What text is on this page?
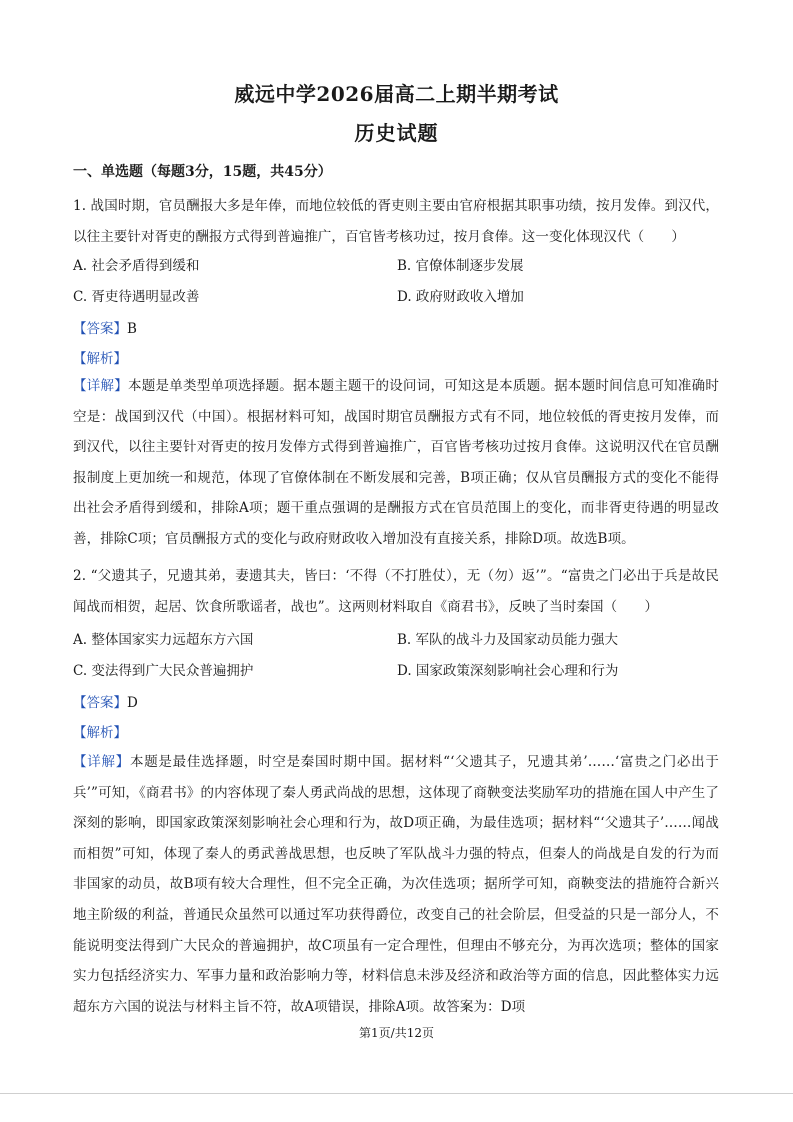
威远中学2026届高二上期半期考试
历史试题
一、单选题（每题3分，15题，共45分）
1. 战国时期，官员酬报大多是年俸，而地位较低的胥吏则主要由官府根据其职事功绩，按月发俸。到汉代，以往主要针对胥吏的酬报方式得到普遍推广，百官皆考核功过，按月食俸。这一变化体现汉代（　　）
A. 社会矛盾得到缓和	B. 官僚体制逐步发展
C. 胥吏待遇明显改善	D. 政府财政收入增加
【答案】B
【解析】
【详解】本题是单类型单项选择题。据本题主题干的设问词，可知这是本质题。据本题时间信息可知准确时空是：战国到汉代（中国）。根据材料可知，战国时期官员酬报方式有不同，地位较低的胥吏按月发俸，而到汉代，以往主要针对胥吏的按月发俸方式得到普遍推广，百官皆考核功过按月食俸。这说明汉代在官员酬报制度上更加统一和规范，体现了官僚体制在不断发展和完善，B项正确；仅从官员酬报方式的变化不能得出社会矛盾得到缓和，排除A项；题干重点强调的是酬报方式在官员范围上的变化，而非胥吏待遇的明显改善，排除C项；官员酬报方式的变化与政府财政收入增加没有直接关系，排除D项。故选B项。
2. “父遗其子，兄遗其弟，妻遗其夫，皆曰：‘不得（不打胜仗），无（勿）返’”。“富贵之门必出于兵是故民闻战而相贺，起居、饮食所歌谣者，战也”。这两则材料取自《商君书》，反映了当时秦国（　　）
A. 整体国家实力远超东方六国	B. 军队的战斗力及国家动员能力强大
C. 变法得到广大民众普遍拥护	D. 国家政策深刻影响社会心理和行为
【答案】D
【解析】
【详解】本题是最佳选择题，时空是秦国时期中国。据材料“‘父遗其子，兄遗其弟’……‘富贵之门必出于兵’”可知，《商君书》的内容体现了秦人勇武尚战的思想，这体现了商鞅变法奖励军功的措施在国人中产生了深刻的影响，即国家政策深刻影响社会心理和行为，故D项正确，为最佳选项；据材料“‘父遗其子’……闻战而相贺”可知，体现了秦人的勇武善战思想，也反映了军队战斗力强的特点，但秦人的尚战是自发的行为而非国家的动员，故B项有较大合理性，但不完全正确，为次佳选项；据所学可知，商鞅变法的措施符合新兴地主阶级的利益，普通民众虽然可以通过军功获得爵位，改变自己的社会阶层，但受益的只是一部分人，不能说明变法得到广大民众的普遍拥护，故C项虽有一定合理性，但理由不够充分，为再次选项；整体的国家实力包括经济实力、军事力量和政治影响力等，材料信息未涉及经济和政治等方面的信息，因此整体实力远超东方六国的说法与材料主旨不符，故A项错误，排除A项。故答案为：D项
第1页/共12页
